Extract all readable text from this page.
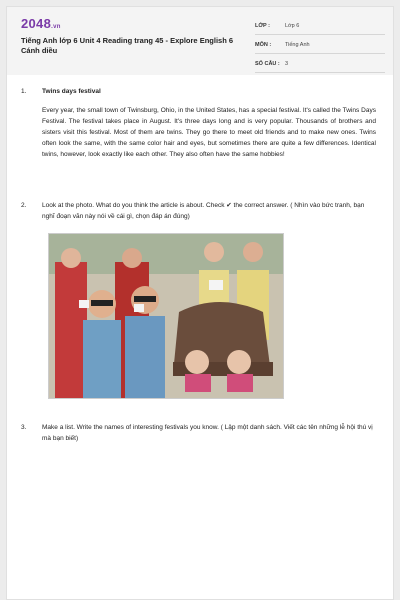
2048.vn
Tiếng Anh lớp 6 Unit 4 Reading trang 45 - Explore English 6 Cánh diều
LỚP :	Lớp 6
MÔN :	Tiếng Anh
SỐ CÂU : 3
1. Twins days festival
Every year, the small town of Twinsburg, Ohio, in the United States, has a special festival. It's called the Twins Days Festival. The festival takes place in August. It's three days long and is very popular. Thousands of brothers and sisters visit this festival. Most of them are twins. They go there to meet old friends and to make new ones. Twins often look the same, with the same color hair and eyes, but sometimes there are quite a few differences. Identical twins, however, look exactly like each other. They also often have the same hobbies!
2. Look at the photo. What do you think the article is about. Check ✔ the correct answer. ( Nhìn vào bức tranh, bạn nghĩ đoạn văn này nói về cái gì, chọn đáp án đúng)
3. Make a list. Write the names of interesting festivals you know. ( Lập một danh sách. Viết các tên những lễ hội thú vị mà bạn biết)
